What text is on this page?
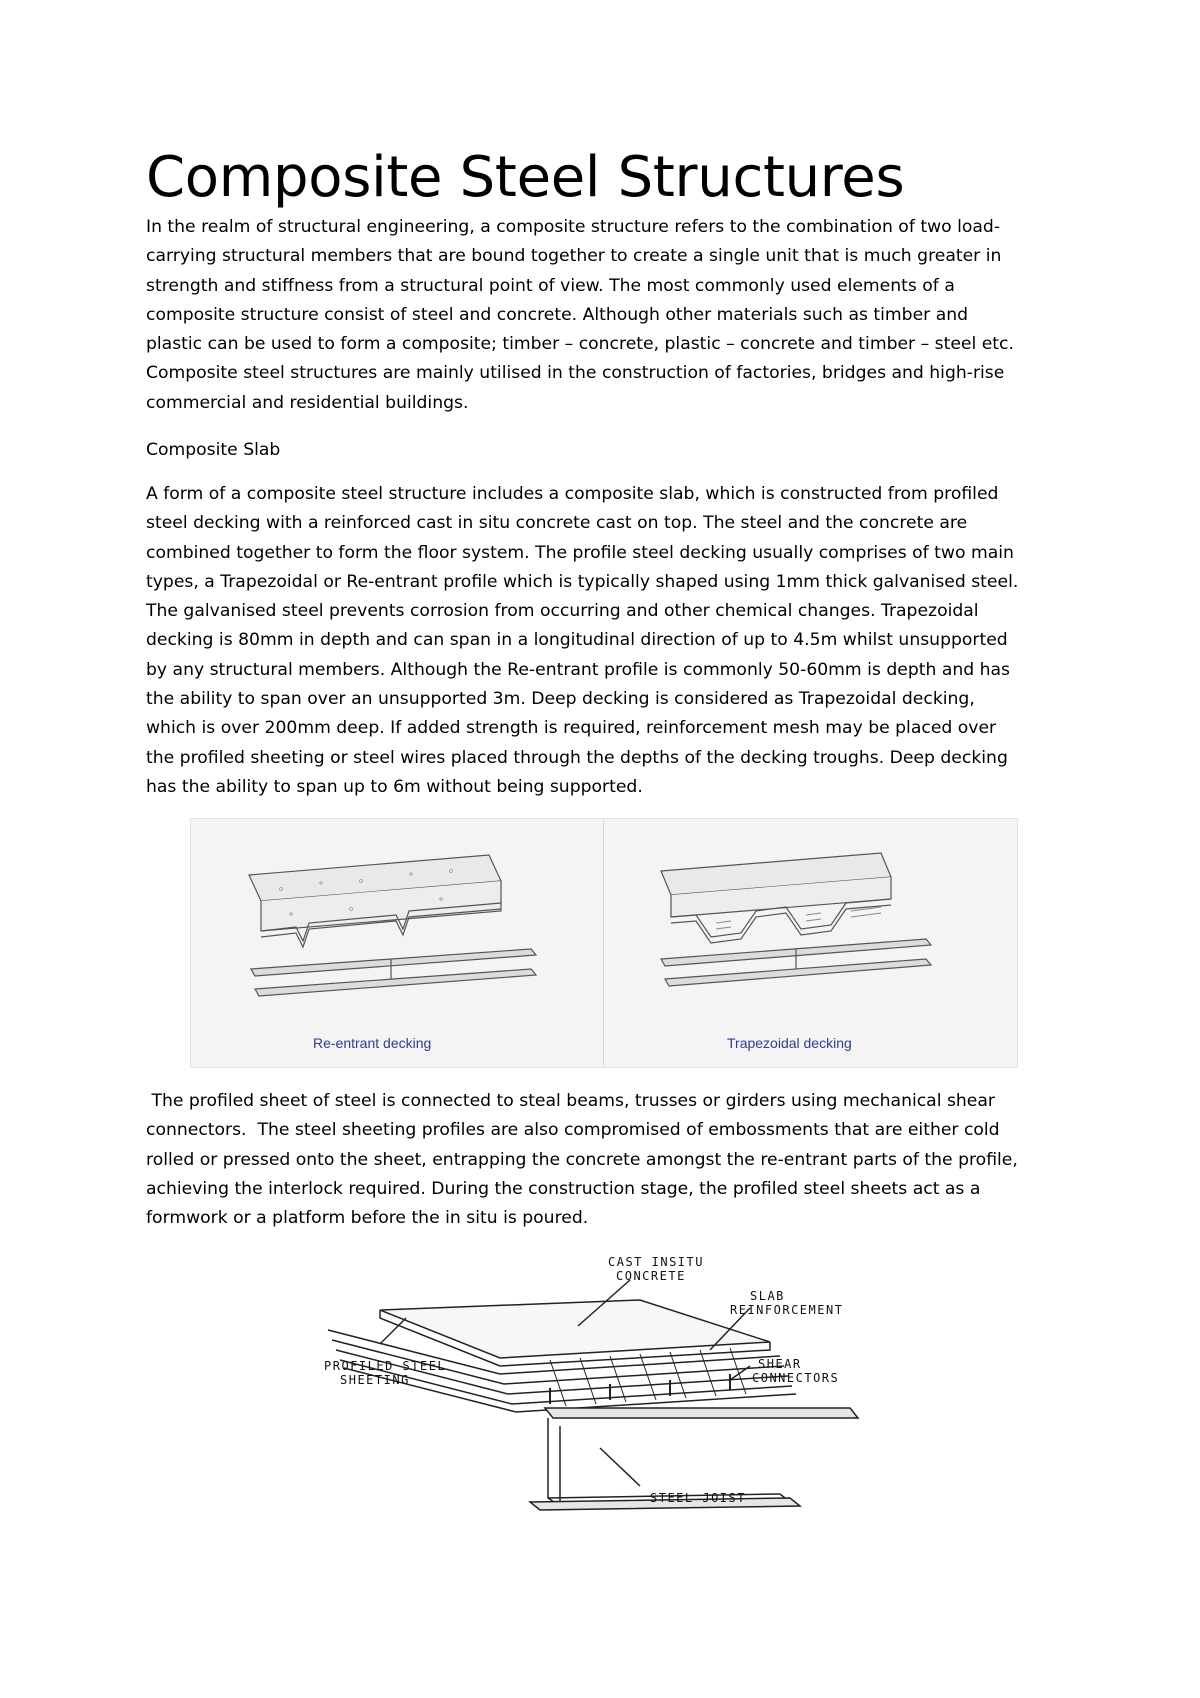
Composite Steel Structures

In the realm of structural engineering, a composite structure refers to the combination of two load-
carrying structural members that are bound together to create a single unit that is much greater in
strength and stiffness from a structural point of view. The most commonly used elements of a
composite structure consist of steel and concrete. Although other materials such as timber and
plastic can be used to form a composite; timber – concrete, plastic – concrete and timber – steel etc.
Composite steel structures are mainly utilised in the construction of factories, bridges and high-rise
commercial and residential buildings.

Composite Slab

A form of a composite steel structure includes a composite slab, which is constructed from profiled
steel decking with a reinforced cast in situ concrete cast on top. The steel and the concrete are
combined together to form the floor system. The profile steel decking usually comprises of two main
types, a Trapezoidal or Re-entrant profile which is typically shaped using 1mm thick galvanised steel.
The galvanised steel prevents corrosion from occurring and other chemical changes. Trapezoidal
decking is 80mm in depth and can span in a longitudinal direction of up to 4.5m whilst unsupported
by any structural members. Although the Re-entrant profile is commonly 50-60mm is depth and has
the ability to span over an unsupported 3m. Deep decking is considered as Trapezoidal decking,
which is over 200mm deep. If added strength is required, reinforcement mesh may be placed over
the profiled sheeting or steel wires placed through the depths of the decking troughs. Deep decking
has the ability to span up to 6m without being supported.

Re-entrant decking	Trapezoidal decking

The profiled sheet of steel is connected to steal beams, trusses or girders using mechanical shear
connectors.  The steel sheeting profiles are also compromised of embossments that are either cold
rolled or pressed onto the sheet, entrapping the concrete amongst the re-entrant parts of the profile,
achieving the interlock required. During the construction stage, the profiled steel sheets act as a
formwork or a platform before the in situ is poured.

CAST INSITU
CONCRETE
SLAB
REINFORCEMENT
PROFILED STEEL
SHEETING
SHEAR
CONNECTORS
STEEL JOIST
